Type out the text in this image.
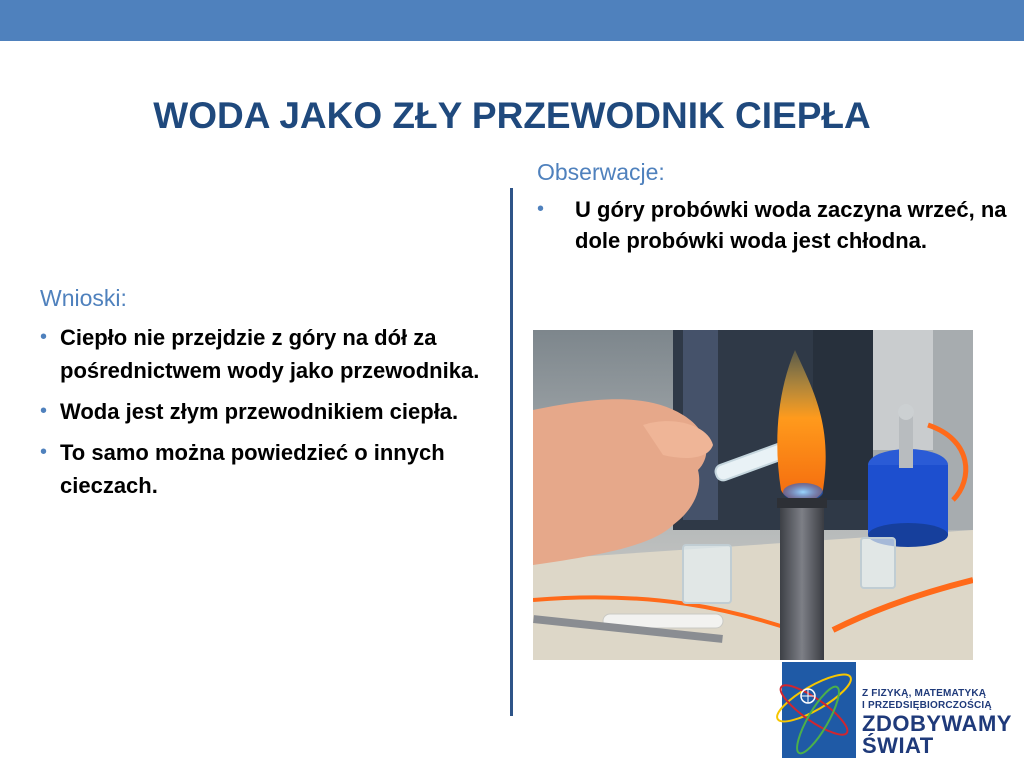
WODA JAKO ZŁY PRZEWODNIK CIEPŁA
Wnioski:
• Ciepło nie przejdzie z góry na dół za pośrednictwem wody jako przewodnika.
• Woda jest złym przewodnikiem ciepła.
• To samo można powiedzieć o innych cieczach.
Obserwacje:
• U góry probówki woda zaczyna wrzeć, na dole probówki woda jest chłodna.
Z FIZYKĄ, MATEMATYKĄ
I PRZEDSIĘBIORCZOŚCIĄ
ZDOBYWAMY
ŚWIAT
